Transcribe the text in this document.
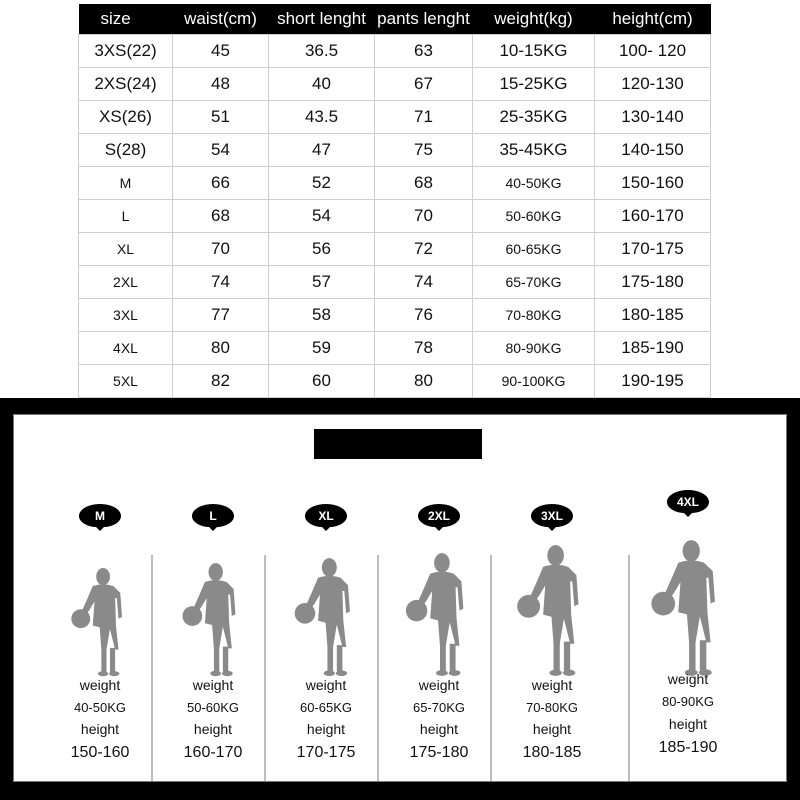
size	waist(cm)	short lenght	pants lenght	weight(kg)	height(cm)
3XS(22)	45	36.5	63	10-15KG	100- 120
2XS(24)	48	40	67	15-25KG	120-130
XS(26)	51	43.5	71	25-35KG	130-140
S(28)	54	47	75	35-45KG	140-150
M	66	52	68	40-50KG	150-160
L	68	54	70	50-60KG	160-170
XL	70	56	72	60-65KG	170-175
2XL	74	57	74	65-70KG	175-180
3XL	77	58	76	70-80KG	180-185
4XL	80	59	78	80-90KG	185-190
5XL	82	60	80	90-100KG	190-195
M
weight
40-50KG
height
150-160
L
weight
50-60KG
height
160-170
XL
weight
60-65KG
height
170-175
2XL
weight
65-70KG
height
175-180
3XL
weight
70-80KG
height
180-185
4XL
weight
80-90KG
height
185-190
